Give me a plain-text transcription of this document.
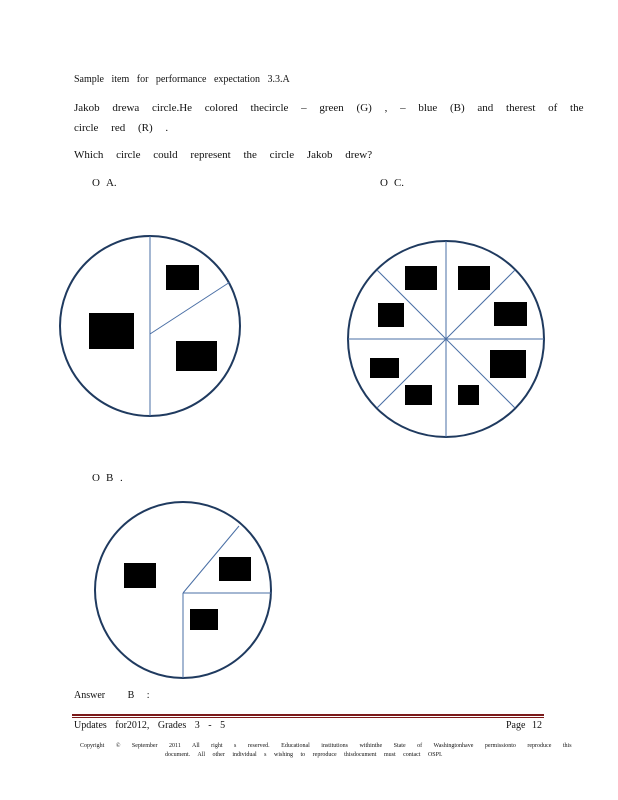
Sample item for performance expectation 3.3.A
Jakob drewa circle.He colored thecircle – green (G) , – blue (B) and therest of the
circle red (R) .
Which circle could represent the circle Jakob drew?
O A.	O C.
O B .
Answer B :
Updates for2012, Grades 3 - 5	Page 12
Copyright © September 2011 All right s reserved. Educational institutions withinthe State of Washingtonhave permissionto reproduce this
document. All other individual s wishing to reproduce thisdocument must contact OSPI.
